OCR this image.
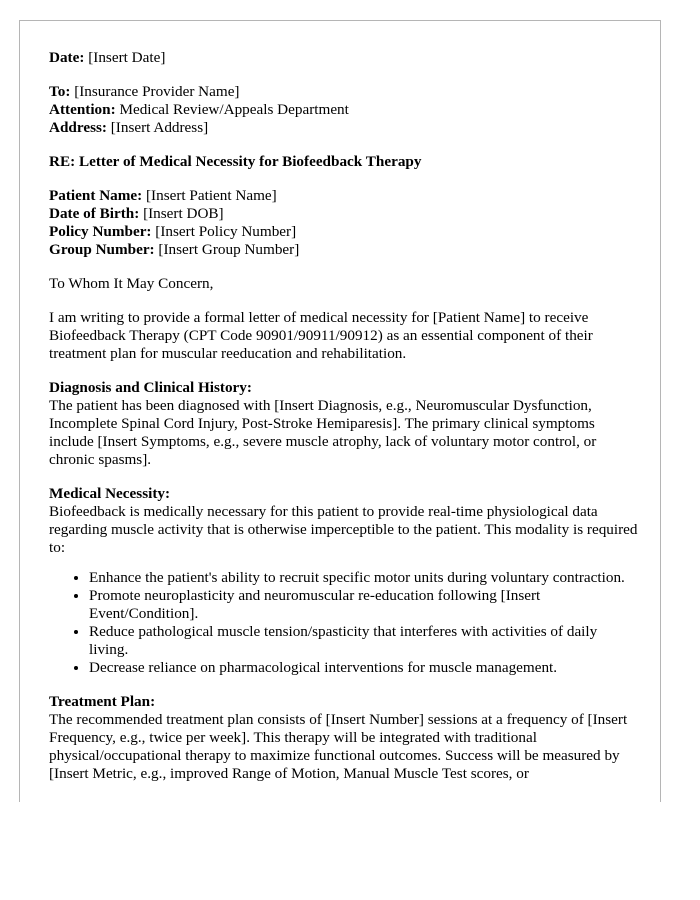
Date: [Insert Date]
To: [Insurance Provider Name]
Attention: Medical Review/Appeals Department
Address: [Insert Address]
RE: Letter of Medical Necessity for Biofeedback Therapy
Patient Name: [Insert Patient Name]
Date of Birth: [Insert DOB]
Policy Number: [Insert Policy Number]
Group Number: [Insert Group Number]

To Whom It May Concern,

I am writing to provide a formal letter of medical necessity for [Patient Name] to receive Biofeedback Therapy (CPT Code 90901/90911/90912) as an essential component of their treatment plan for muscular reeducation and rehabilitation.

Diagnosis and Clinical History:

The patient has been diagnosed with [Insert Diagnosis, e.g., Neuromuscular Dysfunction, Incomplete Spinal Cord Injury, Post-Stroke Hemiparesis]. The primary clinical symptoms include [Insert Symptoms, e.g., severe muscle atrophy, lack of voluntary motor control, or chronic spasms].

Medical Necessity:

Biofeedback is medically necessary for this patient to provide real-time physiological data regarding muscle activity that is otherwise imperceptible to the patient. This modality is required to:

• Enhance the patient's ability to recruit specific motor units during voluntary contraction.
• Promote neuroplasticity and neuromuscular re-education following [Insert Event/Condition].
• Reduce pathological muscle tension/spasticity that interferes with activities of daily living.
• Decrease reliance on pharmacological interventions for muscle management.
Treatment Plan:

The recommended treatment plan consists of [Insert Number] sessions at a frequency of [Insert Frequency, e.g., twice per week]. This therapy will be integrated with traditional physical/occupational therapy to maximize functional outcomes. Success will be measured by [Insert Metric, e.g., improved Range of Motion, Manual Muscle Test scores, or
